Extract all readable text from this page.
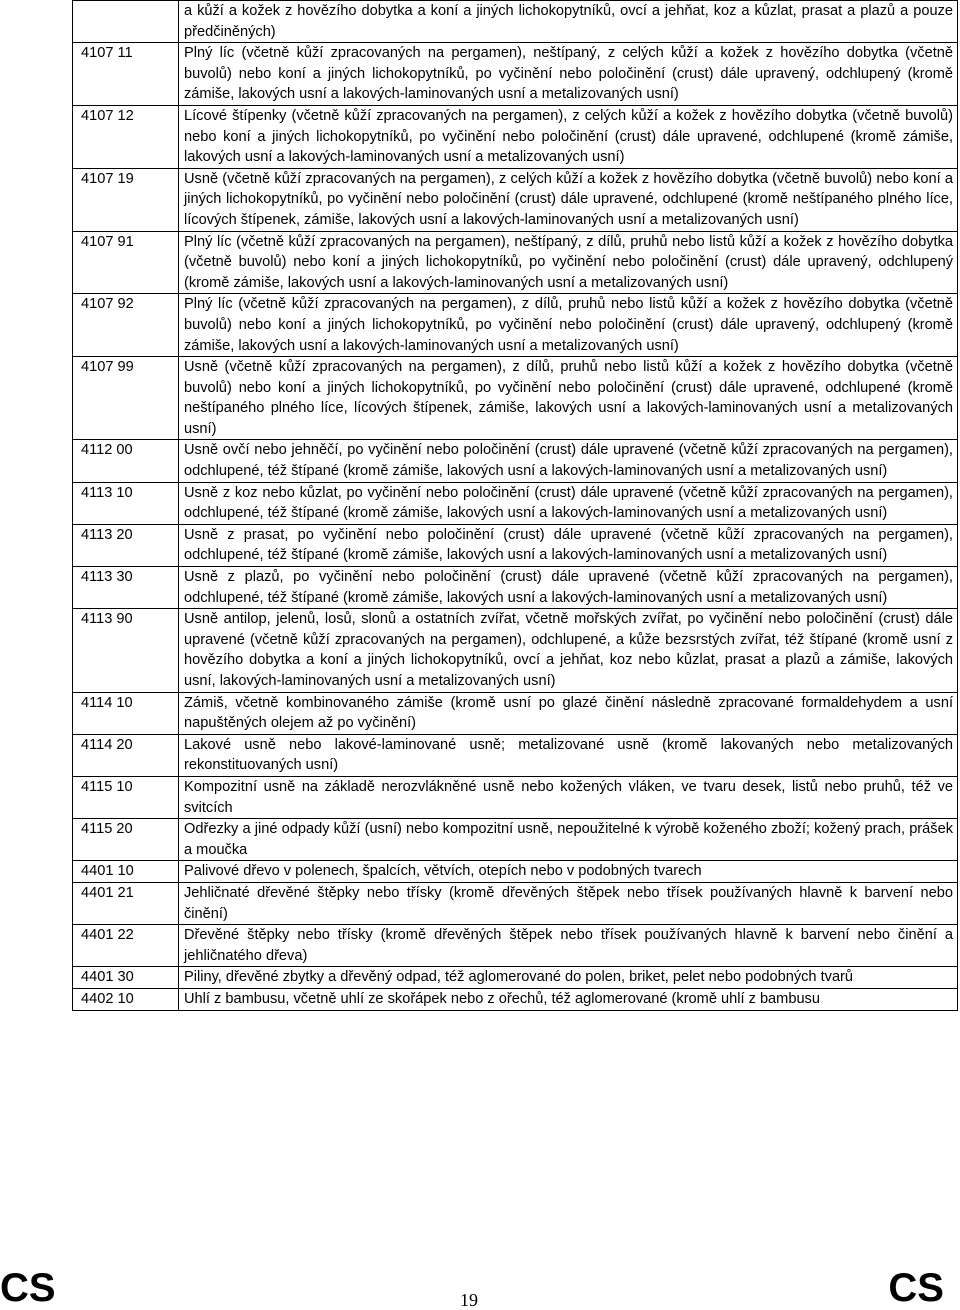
	a kůží a kožek z hovězího dobytka a koní a jiných lichokopytníků, ovcí a jehňat, koz a kůzlat, prasat a plazů a pouze předčiněných)
4107 11	Plný líc (včetně kůží zpracovaných na pergamen), neštípaný, z celých kůží a kožek z hovězího dobytka (včetně buvolů) nebo koní a jiných lichokopytníků, po vyčinění nebo poločinění (crust) dále upravený, odchlupený (kromě zámiše, lakových usní a lakových-laminovaných usní a metalizovaných usní)
4107 12	Lícové štípenky (včetně kůží zpracovaných na pergamen), z celých kůží a kožek z hovězího dobytka (včetně buvolů) nebo koní a jiných lichokopytníků, po vyčinění nebo poločinění (crust) dále upravené, odchlupené (kromě zámiše, lakových usní a lakových-laminovaných usní a metalizovaných usní)
4107 19	Usně (včetně kůží zpracovaných na pergamen), z celých kůží a kožek z hovězího dobytka (včetně buvolů) nebo koní a jiných lichokopytníků, po vyčinění nebo poločinění (crust) dále upravené, odchlupené (kromě neštípaného plného líce, lícových štípenek, zámiše, lakových usní a lakových-laminovaných usní a metalizovaných usní)
4107 91	Plný líc (včetně kůží zpracovaných na pergamen), neštípaný, z dílů, pruhů nebo listů kůží a kožek z hovězího dobytka (včetně buvolů) nebo koní a jiných lichokopytníků, po vyčinění nebo poločinění (crust) dále upravený, odchlupený (kromě zámiše, lakových usní a lakových-laminovaných usní a metalizovaných usní)
4107 92	Plný líc (včetně kůží zpracovaných na pergamen), z dílů, pruhů nebo listů kůží a kožek z hovězího dobytka (včetně buvolů) nebo koní a jiných lichokopytníků, po vyčinění nebo poločinění (crust) dále upravený, odchlupený (kromě zámiše, lakových usní a lakových-laminovaných usní a metalizovaných usní)
4107 99	Usně (včetně kůží zpracovaných na pergamen), z dílů, pruhů nebo listů kůží a kožek z hovězího dobytka (včetně buvolů) nebo koní a jiných lichokopytníků, po vyčinění nebo poločinění (crust) dále upravené, odchlupené (kromě neštípaného plného líce, lícových štípenek, zámiše, lakových usní a lakových-laminovaných usní a metalizovaných usní)
4112 00	Usně ovčí nebo jehněčí, po vyčinění nebo poločinění (crust) dále upravené (včetně kůží zpracovaných na pergamen), odchlupené, též štípané (kromě zámiše, lakových usní a lakových-laminovaných usní a metalizovaných usní)
4113 10	Usně z koz nebo kůzlat, po vyčinění nebo poločinění (crust) dále upravené (včetně kůží zpracovaných na pergamen), odchlupené, též štípané (kromě zámiše, lakových usní a lakových-laminovaných usní a metalizovaných usní)
4113 20	Usně z prasat, po vyčinění nebo poločinění (crust) dále upravené (včetně kůží zpracovaných na pergamen), odchlupené, též štípané (kromě zámiše, lakových usní a lakových-laminovaných usní a metalizovaných usní)
4113 30	Usně z plazů, po vyčinění nebo poločinění (crust) dále upravené (včetně kůží zpracovaných na pergamen), odchlupené, též štípané (kromě zámiše, lakových usní a lakových-laminovaných usní a metalizovaných usní)
4113 90	Usně antilop, jelenů, losů, slonů a ostatních zvířat, včetně mořských zvířat, po vyčinění nebo poločinění (crust) dále upravené (včetně kůží zpracovaných na pergamen), odchlupené, a kůže bezsrstých zvířat, též štípané (kromě usní z hovězího dobytka a koní a jiných lichokopytníků, ovcí a jehňat, koz nebo kůzlat, prasat a plazů a zámiše, lakových usní, lakových-laminovaných usní a metalizovaných usní)
4114 10	Zámiš, včetně kombinovaného zámiše (kromě usní po glazé činění následně zpracované formaldehydem a usní napuštěných olejem až po vyčinění)
4114 20	Lakové usně nebo lakové-laminované usně; metalizované usně (kromě lakovaných nebo metalizovaných rekonstituovaných usní)
4115 10	Kompozitní usně na základě nerozvlákněné usně nebo kožených vláken, ve tvaru desek, listů nebo pruhů, též ve svitcích
4115 20	Odřezky a jiné odpady kůží (usní) nebo kompozitní usně, nepoužitelné k výrobě koženého zboží; kožený prach, prášek a moučka
4401 10	Palivové dřevo v polenech, špalcích, větvích, otepích nebo v podobných tvarech
4401 21	Jehličnaté dřevěné štěpky nebo třísky (kromě dřevěných štěpek nebo třísek používaných hlavně k barvení nebo činění)
4401 22	Dřevěné štěpky nebo třísky (kromě dřevěných štěpek nebo třísek používaných hlavně k barvení nebo činění a jehličnatého dřeva)
4401 30	Piliny, dřevěné zbytky a dřevěný odpad, též aglomerované do polen, briket, pelet nebo podobných tvarů
4402 10	Uhlí z bambusu, včetně uhlí ze skořápek nebo z ořechů, též aglomerované (kromě uhlí z bambusu
CS	19	CS
